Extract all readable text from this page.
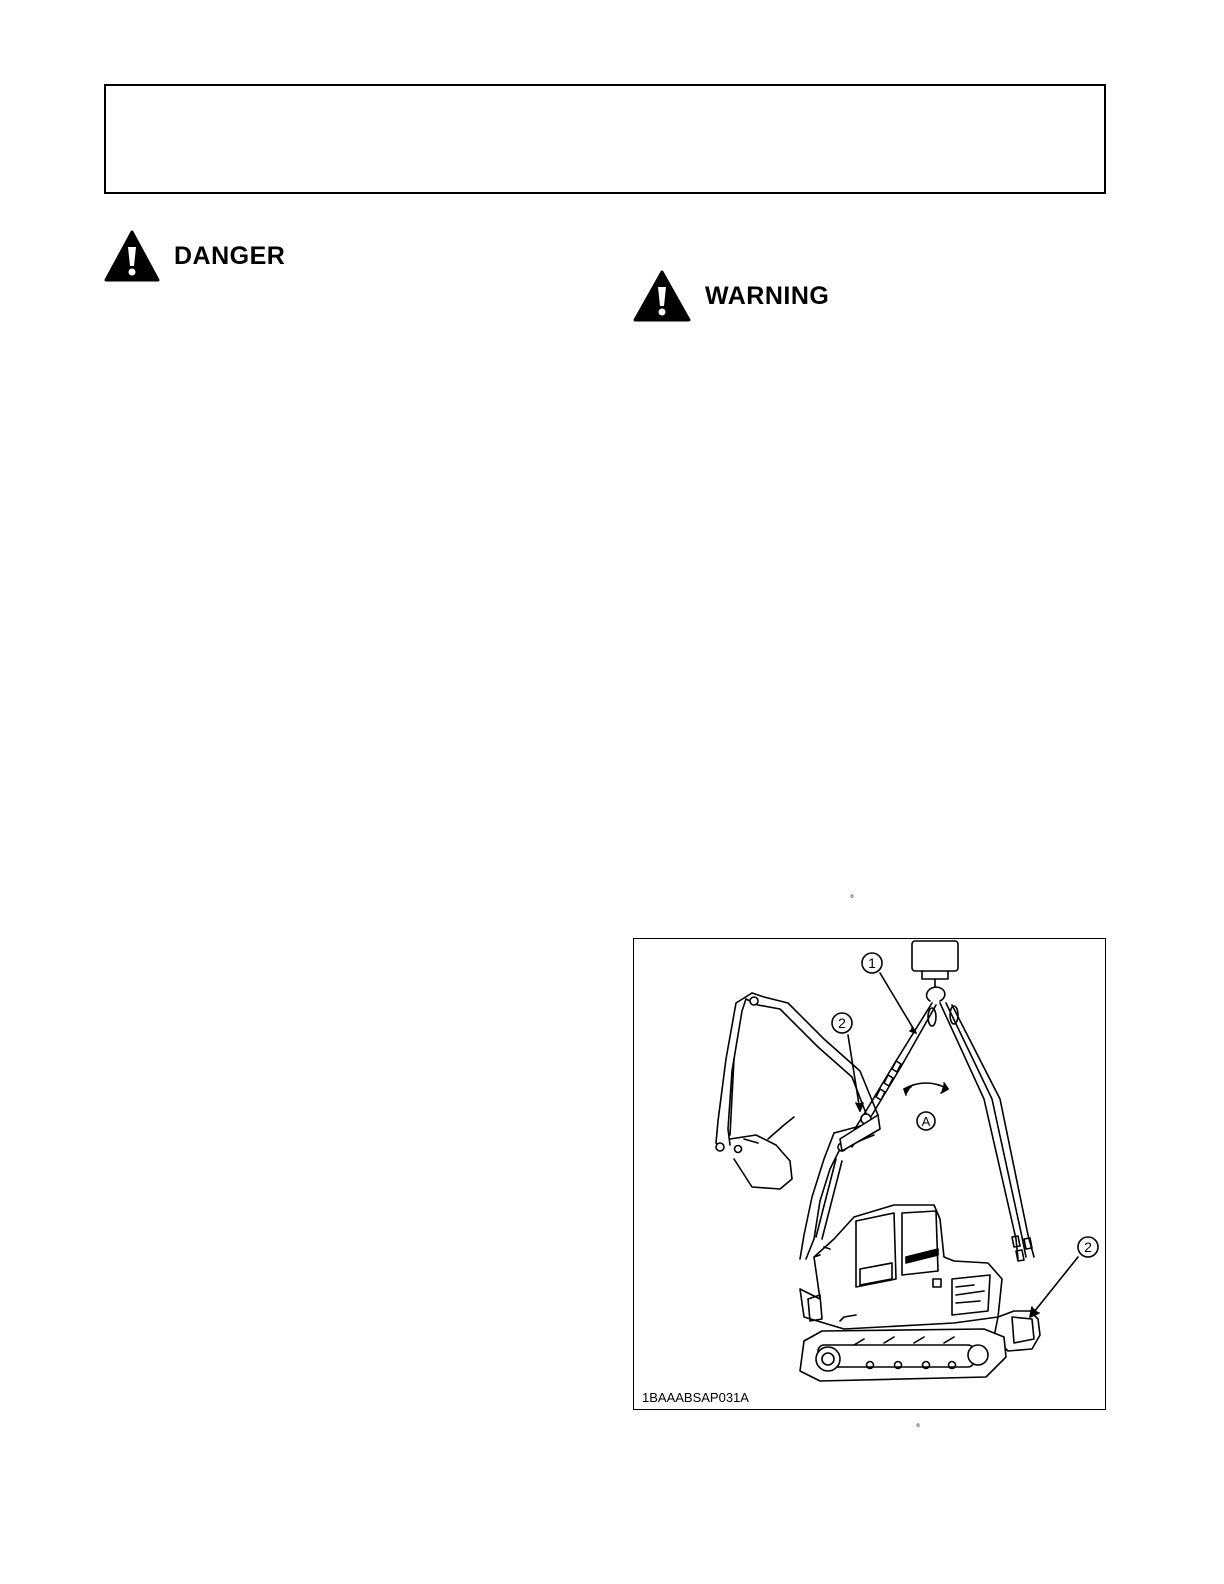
DANGER
WARNING
°
°
1
2
2
A
1BAAABSAP031A
